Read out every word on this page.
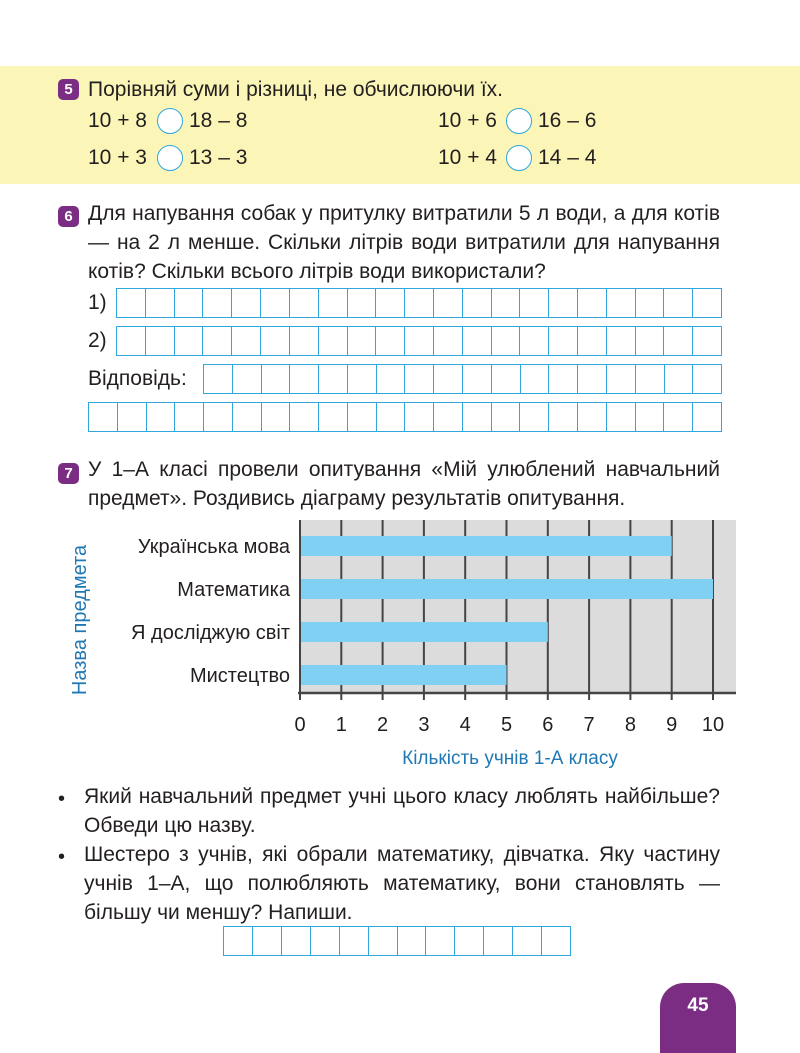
5 Порівняй суми і різниці, не обчислюючи їх.
10 + 8 18 – 8	10 + 6 16 – 6
10 + 3 13 – 3	10 + 4 14 – 4
6 Для напування собак у притулку витратили 5 л води, а для котів — на 2 л менше. Скільки літрів води витратили для напування котів? Скільки всього літрів води використали?
1)
2)
Відповідь:
7 У 1–А класі провели опитування «Мій улюблений навчальний предмет». Роздивись діаграму результатів опитування.
Українська мова
Математика
Я досліджую світ
Мистецтво
0 1 2 3 4 5 6 7 8 9 10
Кількість учнів 1-А класу
Назва предмета
• Який навчальний предмет учні цього класу люблять найбільше? Обведи цю назву.
• Шестеро з учнів, які обрали математику, дівчатка. Яку частину учнів 1–А, що полюбляють математику, вони становлять — більшу чи меншу? Напиши.
45
